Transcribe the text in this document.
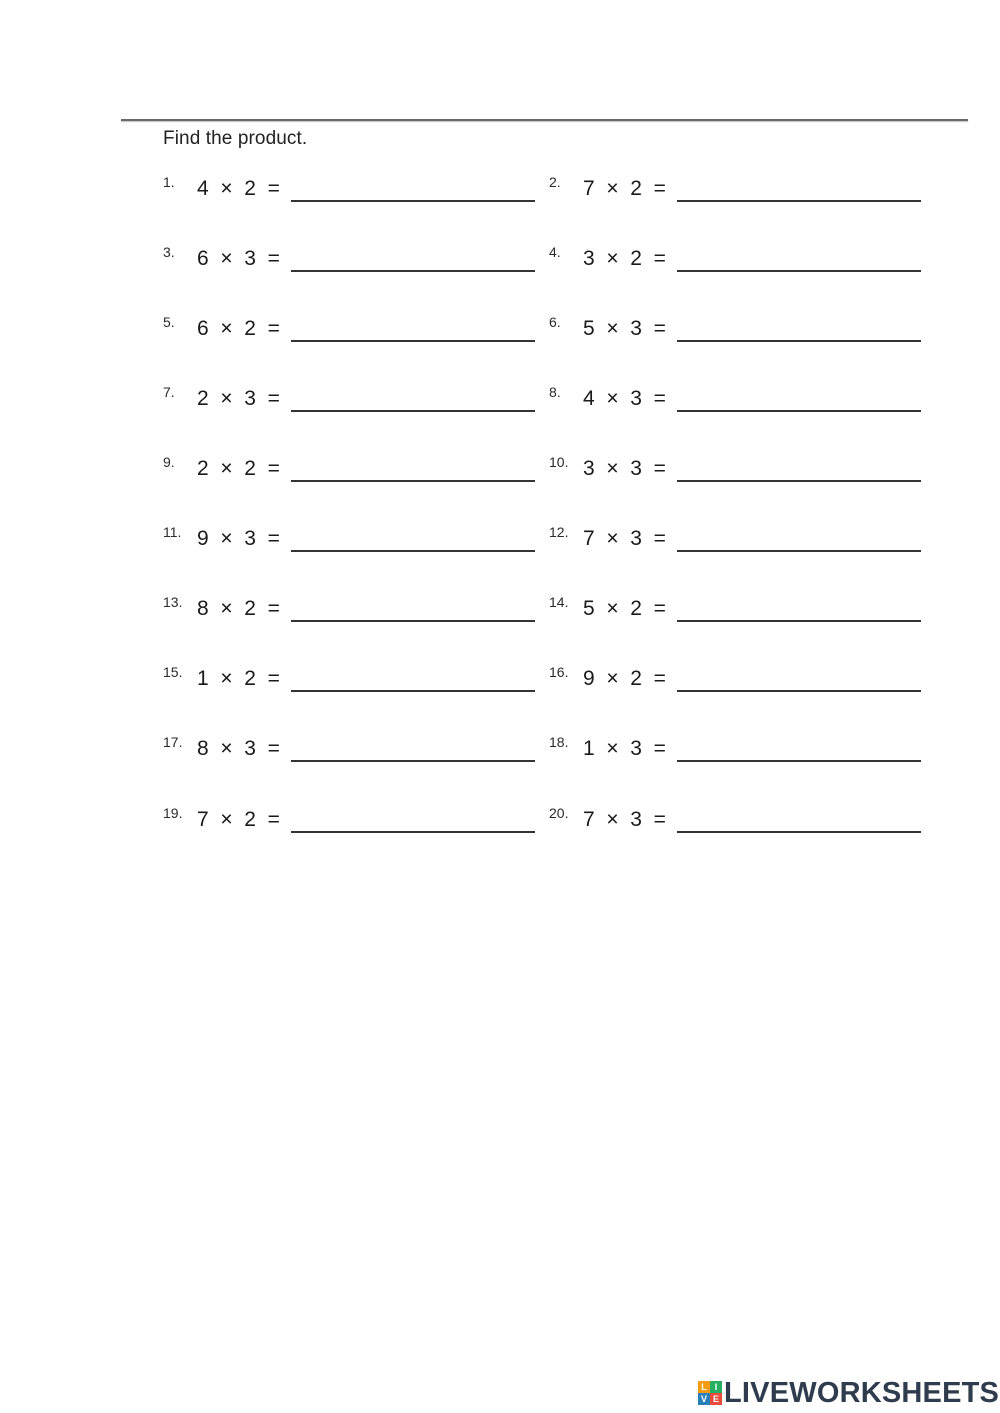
Find the product.
1. 4  ×  2  =	2. 7  ×  2  =
3. 6  ×  3  =	4. 3  ×  2  =
5. 6  ×  2  =	6. 5  ×  3  =
7. 2  ×  3  =	8. 4  ×  3  =
9. 2  ×  2  =	10. 3  ×  3  =
11. 9  ×  3  =	12. 7  ×  3  =
13. 8  ×  2  =	14. 5  ×  2  =
15. 1  ×  2  =	16. 9  ×  2  =
17. 8  ×  3  =	18. 1  ×  3  =
19. 7  ×  2  =	20. 7  ×  3  =
L I
V E LIVEWORKSHEETS
